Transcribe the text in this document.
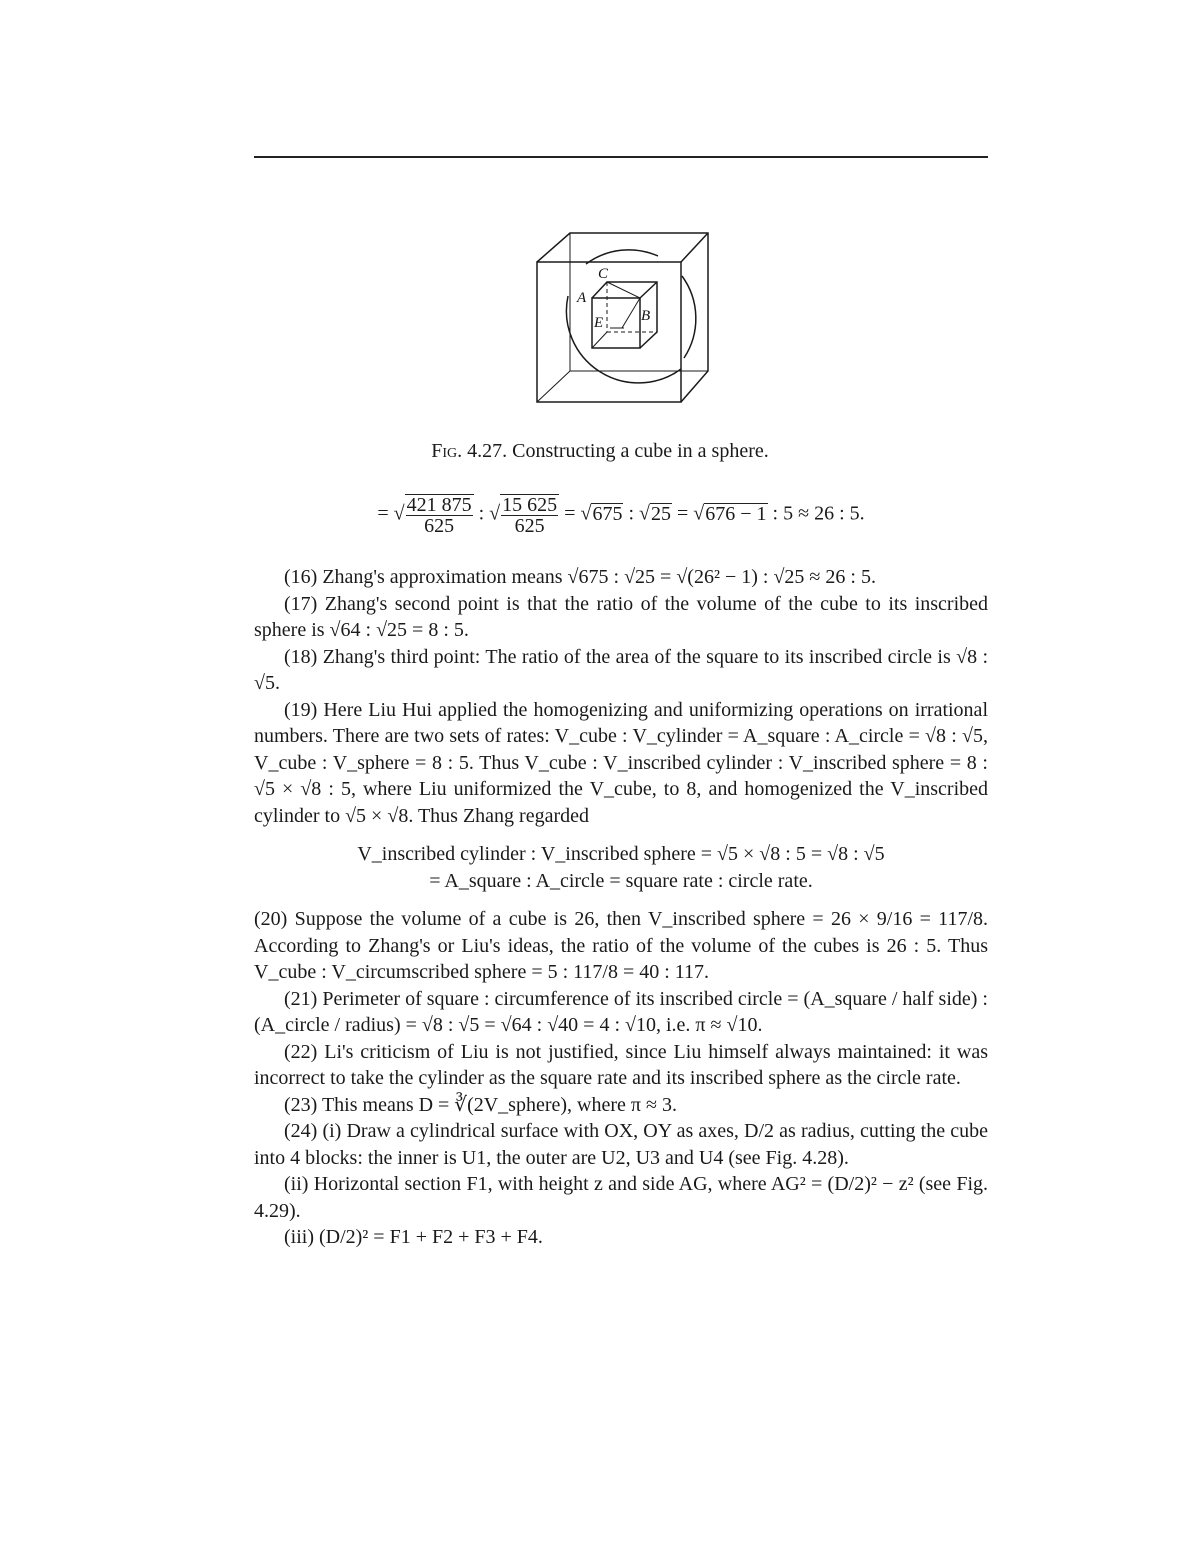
C
A
E	B
Fig. 4.27. Constructing a cube in a sphere.
= √ $\frac{421 875}{625}$ : √ $\frac{15 625}{625} = √675$ : √25 = √676 − 1 : 5 ≈ 26 : 5.

(16) Zhang's approximation means √675 : √25 = √(26² − 1) : √25 ≈ 26 : 5.

(17) Zhang's second point is that the ratio of the volume of the cube to its inscribed sphere is √64 : √25 = 8 : 5.

(18) Zhang's third point: The ratio of the area of the square to its inscribed circle is √8 : √5.

(19) Here Liu Hui applied the homogenizing and uniformizing operations on irrational numbers. There are two sets of rates: V_cube : V_cylinder = A_square : A_circle = √8 : √5, V_cube : V_sphere = 8 : 5. Thus V_cube : V_inscribed cylinder : V_inscribed sphere = 8 : √5 × √8 : 5, where Liu uniformized the V_cube, to 8, and homogenized the V_inscribed cylinder to √5 × √8. Thus Zhang regarded

V_inscribed cylinder : V_inscribed sphere = √5 × √8 : 5 = √8 : √5

= A_square : A_circle = square rate : circle rate.

(20) Suppose the volume of a cube is 26, then V_inscribed sphere = 26 × 9/16 = 117/8. According to Zhang's or Liu's ideas, the ratio of the volume of the cubes is 26 : 5. Thus V_cube : V_circumscribed sphere = 5 : 117/8 = 40 : 117.

(21) Perimeter of square : circumference of its inscribed circle = (A_square / half side) : (A_circle / radius) = √8 : √5 = √64 : √40 = 4 : √10, i.e. π ≈ √10.

(22) Li's criticism of Liu is not justified, since Liu himself always maintained: it was incorrect to take the cylinder as the square rate and its inscribed sphere as the circle rate.

(23) This means D = ∛(2V_sphere), where π ≈ 3.

(24) (i) Draw a cylindrical surface with OX, OY as axes, D/2 as radius, cutting the cube into 4 blocks: the inner is U1, the outer are U2, U3 and U4 (see Fig. 4.28).

(ii) Horizontal section F1, with height z and side AG, where AG² = (D/2)² − z² (see Fig. 4.29).

(iii) (D/2)² = F1 + F2 + F3 + F4.
